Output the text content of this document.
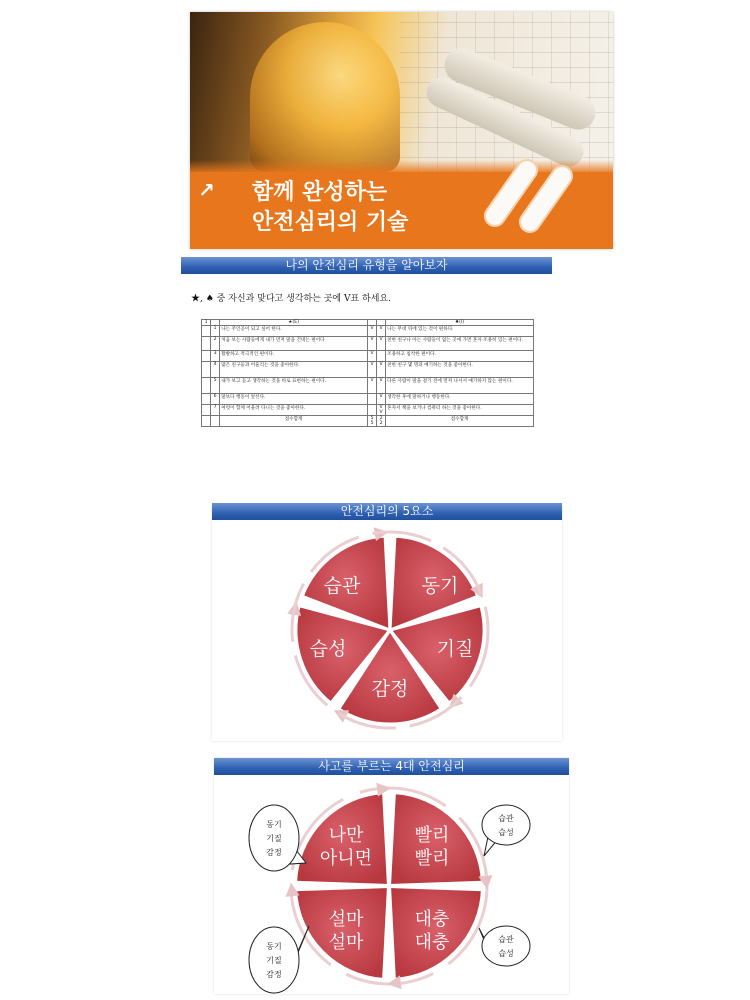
↗ 함께 완성하는
안전심리의 기술
나의 안전심리 유형을 알아보자
★, ♠ 중 자신과 맞다고 생각하는 곳에 V표 하세요.
1		★(E)			♠(I)
	1	나는 주인공이 되고 싶어 한다.	V	V	나는 무대 뒤에 있는 것이 편하다.
	2	처음 보는 사람들에게 내가 먼저 말을 건네는 편이다	V	V	친한 친구나 아는 사람들이 없는 곳에 가면 혼자 조용히 있는 편이다.
	3	활발하고 적극적인 편이다.	V		조용하고 침착한 편이다.
	4	많은 친구들과 어울리는 것을 좋아한다.	V	V	친한 친구 몇 명과 얘기하는 것을 좋아한다.
	5	내가 보고 듣고 생각하는 것을 바로 표현하는 편이다.	V	V	다른 사람이 말을 걸기 전에 먼저 나서서 얘기하지 않는 편이다.
	6	말보다 행동이 앞선다.		V	생각한 후에 말하거나 행동한다.
	7	여럿이 함께 어울려 다니는 것을 좋아한다.		V V	혼자서 책을 보거나 컴퓨터 하는 것을 좋아한다.
		점수합계	5 5	2 2	점수합계
안전심리의 5요소
동기
기질
감정
습성
습관
사고를 부르는 4대 안전심리
나만
아니면
빨리
빨리
대충
대충
설마
설마
동기
기질
감정
습관
습성
습관
습성
동기
기질
감정
